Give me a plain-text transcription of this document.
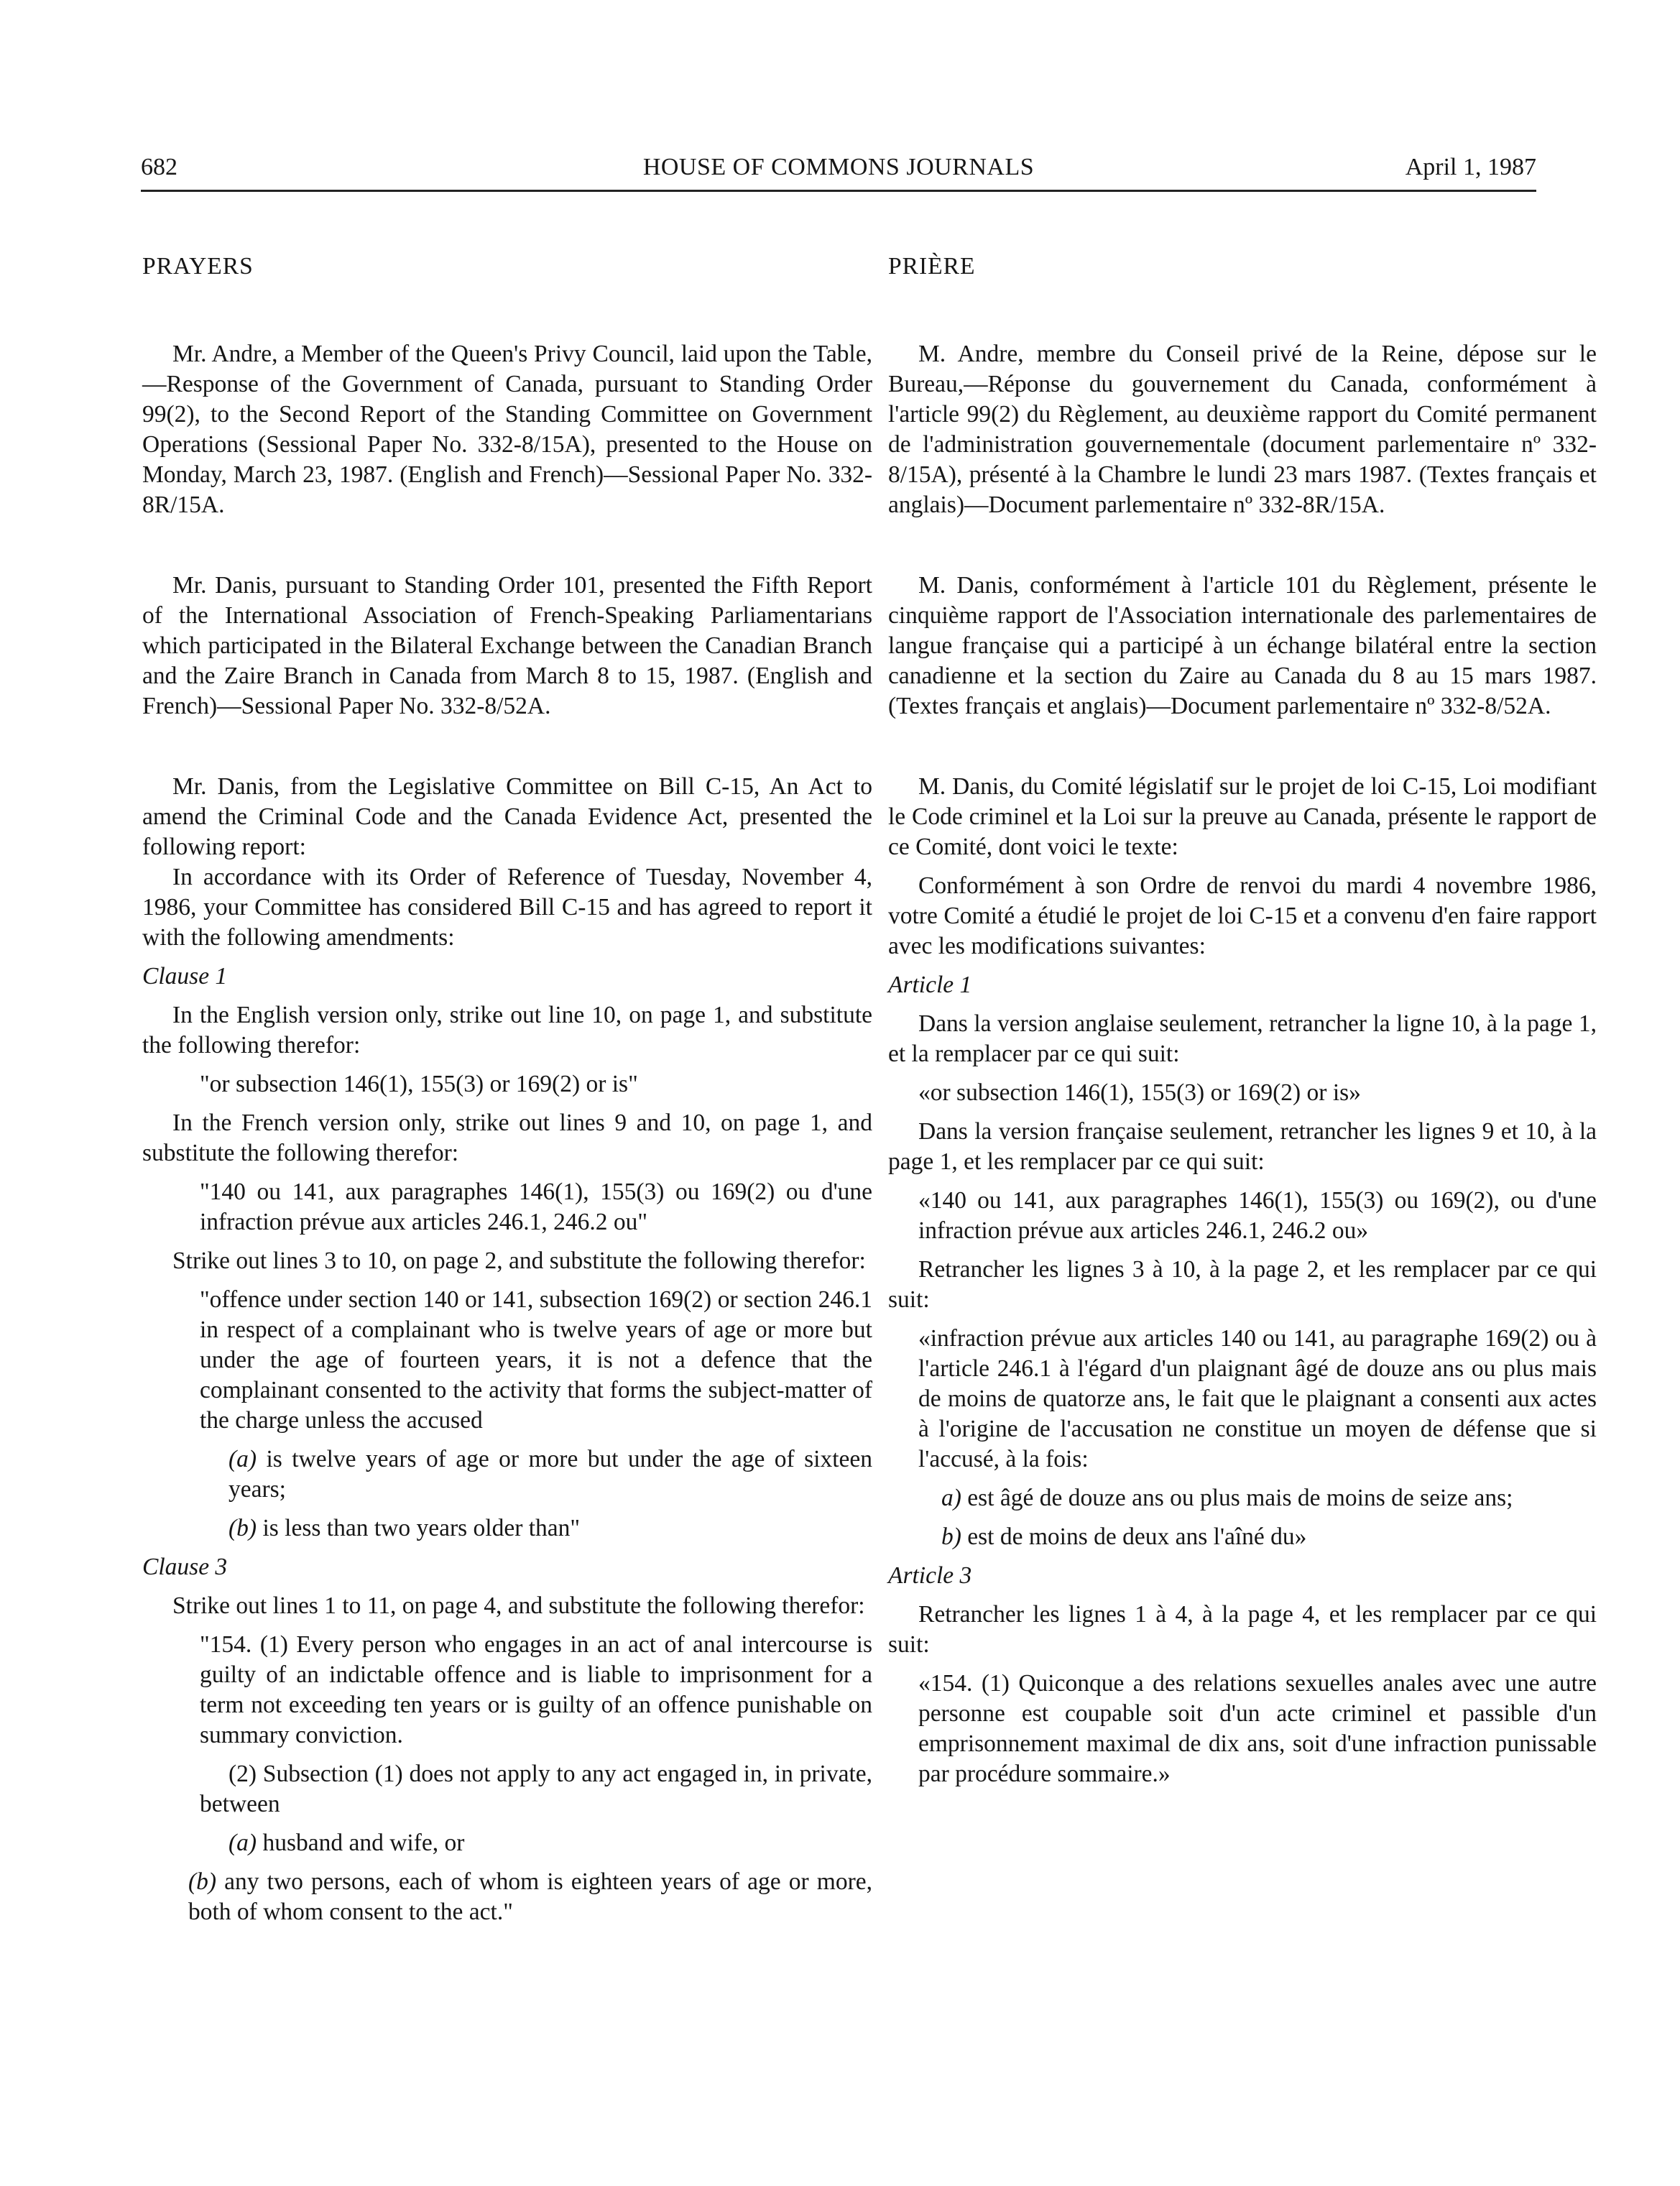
HOUSE OF COMMONS JOURNALS
682	April 1, 1987

PRAYERS

Mr. Andre, a Member of the Queen's Privy Council, laid upon the Table,—Response of the Government of Canada, pursuant to Standing Order 99(2), to the Second Report of the Standing Committee on Government Operations (Sessional Paper No. 332-8/15A), presented to the House on Monday, March 23, 1987. (English and French)—Sessional Paper No. 332-8R/15A.

Mr. Danis, pursuant to Standing Order 101, presented the Fifth Report of the International Association of French-Speaking Parliamentarians which participated in the Bilateral Exchange between the Canadian Branch and the Zaire Branch in Canada from March 8 to 15, 1987. (English and French)—Sessional Paper No. 332-8/52A.

Mr. Danis, from the Legislative Committee on Bill C-15, An Act to amend the Criminal Code and the Canada Evidence Act, presented the following report:

In accordance with its Order of Reference of Tuesday, November 4, 1986, your Committee has considered Bill C-15 and has agreed to report it with the following amendments:

Clause 1

In the English version only, strike out line 10, on page 1, and substitute the following therefor:

"or subsection 146(1), 155(3) or 169(2) or is"

In the French version only, strike out lines 9 and 10, on page 1, and substitute the following therefor:

"140 ou 141, aux paragraphes 146(1), 155(3) ou 169(2) ou d'une infraction prévue aux articles 246.1, 246.2 ou"

Strike out lines 3 to 10, on page 2, and substitute the following therefor:

"offence under section 140 or 141, subsection 169(2) or section 246.1 in respect of a complainant who is twelve years of age or more but under the age of fourteen years, it is not a defence that the complainant consented to the activity that forms the subject-matter of the charge unless the accused

(a) is twelve years of age or more but under the age of sixteen years;

(b) is less than two years older than"

Clause 3

Strike out lines 1 to 11, on page 4, and substitute the following therefor:

"154. (1) Every person who engages in an act of anal intercourse is guilty of an indictable offence and is liable to imprisonment for a term not exceeding ten years or is guilty of an offence punishable on summary conviction.

(2) Subsection (1) does not apply to any act engaged in, in private, between

(a) husband and wife, or

(b) any two persons, each of whom is eighteen years of age or more, both of whom consent to the act."

PRIÈRE

M. Andre, membre du Conseil privé de la Reine, dépose sur le Bureau,—Réponse du gouvernement du Canada, conformément à l'article 99(2) du Règlement, au deuxième rapport du Comité permanent de l'administration gouvernementale (document parlementaire nº 332-8/15A), présenté à la Chambre le lundi 23 mars 1987. (Textes français et anglais)—Document parlementaire nº 332-8R/15A.

M. Danis, conformément à l'article 101 du Règlement, présente le cinquième rapport de l'Association internationale des parlementaires de langue française qui a participé à un échange bilatéral entre la section canadienne et la section du Zaire au Canada du 8 au 15 mars 1987. (Textes français et anglais)—Document parlementaire nº 332-8/52A.

M. Danis, du Comité législatif sur le projet de loi C-15, Loi modifiant le Code criminel et la Loi sur la preuve au Canada, présente le rapport de ce Comité, dont voici le texte:

Conformément à son Ordre de renvoi du mardi 4 novembre 1986, votre Comité a étudié le projet de loi C-15 et a convenu d'en faire rapport avec les modifications suivantes:

Article 1

Dans la version anglaise seulement, retrancher la ligne 10, à la page 1, et la remplacer par ce qui suit:

«or subsection 146(1), 155(3) or 169(2) or is»

Dans la version française seulement, retrancher les lignes 9 et 10, à la page 1, et les remplacer par ce qui suit:

«140 ou 141, aux paragraphes 146(1), 155(3) ou 169(2), ou d'une infraction prévue aux articles 246.1, 246.2 ou»

Retrancher les lignes 3 à 10, à la page 2, et les remplacer par ce qui suit:

«infraction prévue aux articles 140 ou 141, au paragraphe 169(2) ou à l'article 246.1 à l'égard d'un plaignant âgé de douze ans ou plus mais de moins de quatorze ans, le fait que le plaignant a consenti aux actes à l'origine de l'accusation ne constitue un moyen de défense que si l'accusé, à la fois:

a) est âgé de douze ans ou plus mais de moins de seize ans;

b) est de moins de deux ans l'aîné du»

Article 3

Retrancher les lignes 1 à 4, à la page 4, et les remplacer par ce qui suit:

«154. (1) Quiconque a des relations sexuelles anales avec une autre personne est coupable soit d'un acte criminel et passible d'un emprisonnement maximal de dix ans, soit d'une infraction punissable par procédure sommaire.»
